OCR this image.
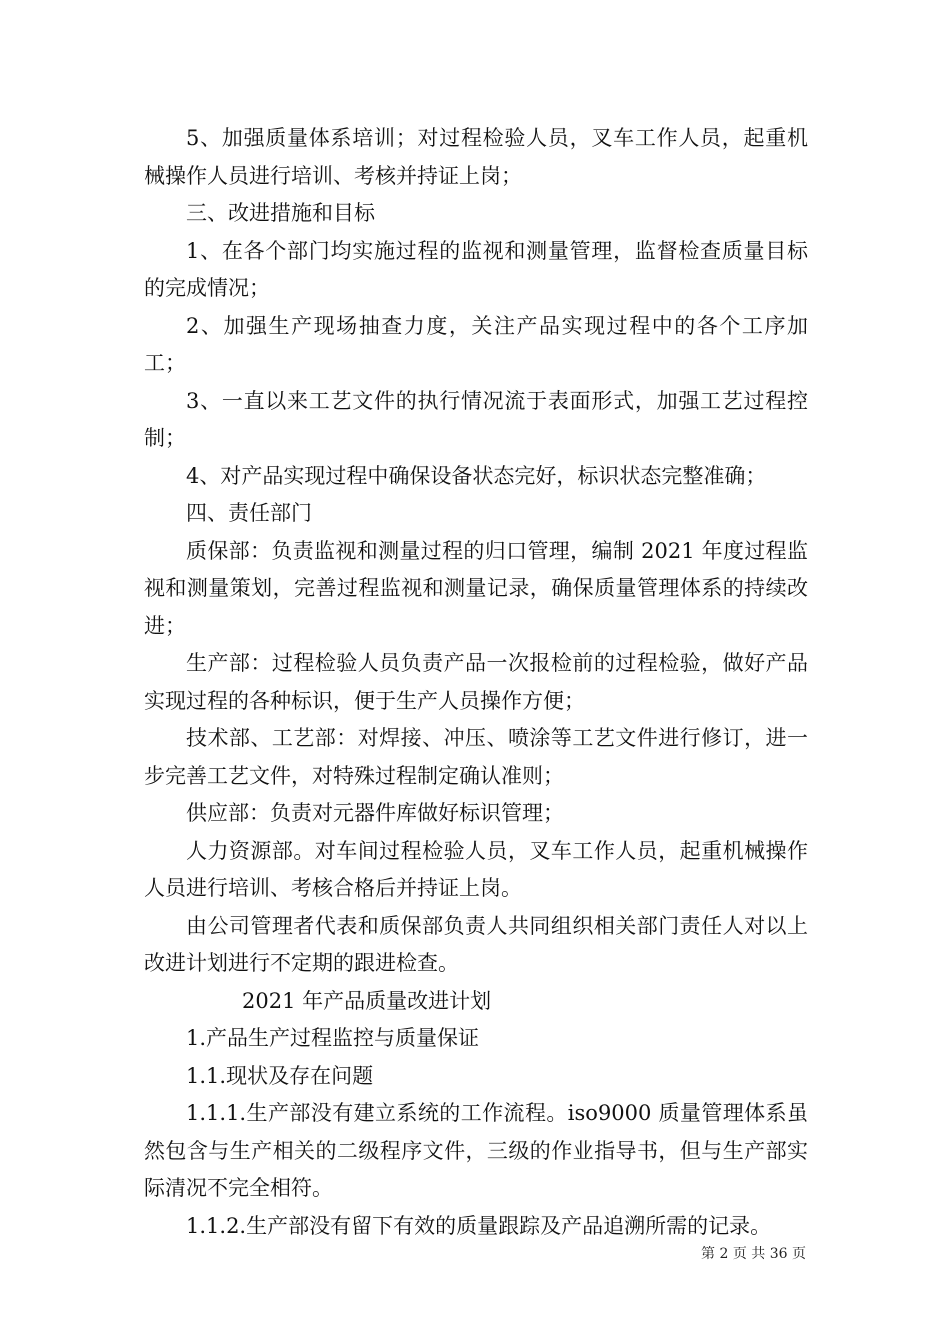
5、加强质量体系培训；对过程检验人员，叉车工作人员，起重机械操作人员进行培训、考核并持证上岗；

三、改进措施和目标

1、在各个部门均实施过程的监视和测量管理，监督检查质量目标的完成情况；

2、加强生产现场抽查力度，关注产品实现过程中的各个工序加工；

3、一直以来工艺文件的执行情况流于表面形式，加强工艺过程控制；

4、对产品实现过程中确保设备状态完好，标识状态完整准确；

四、责任部门

质保部：负责监视和测量过程的归口管理，编制 2021 年度过程监视和测量策划，完善过程监视和测量记录，确保质量管理体系的持续改进；

生产部：过程检验人员负责产品一次报检前的过程检验，做好产品实现过程的各种标识，便于生产人员操作方便；

技术部、工艺部：对焊接、冲压、喷涂等工艺文件进行修订，进一步完善工艺文件，对特殊过程制定确认准则；

供应部：负责对元器件库做好标识管理；

人力资源部。对车间过程检验人员，叉车工作人员，起重机械操作人员进行培训、考核合格后并持证上岗。

由公司管理者代表和质保部负责人共同组织相关部门责任人对以上改进计划进行不定期的跟进检查。

2021 年产品质量改进计划

1.产品生产过程监控与质量保证

1.1.现状及存在问题

1.1.1.生产部没有建立系统的工作流程。iso9000 质量管理体系虽然包含与生产相关的二级程序文件，三级的作业指导书，但与生产部实际清况不完全相符。

1.1.2.生产部没有留下有效的质量跟踪及产品追溯所需的记录。

第 2 页 共 36 页
